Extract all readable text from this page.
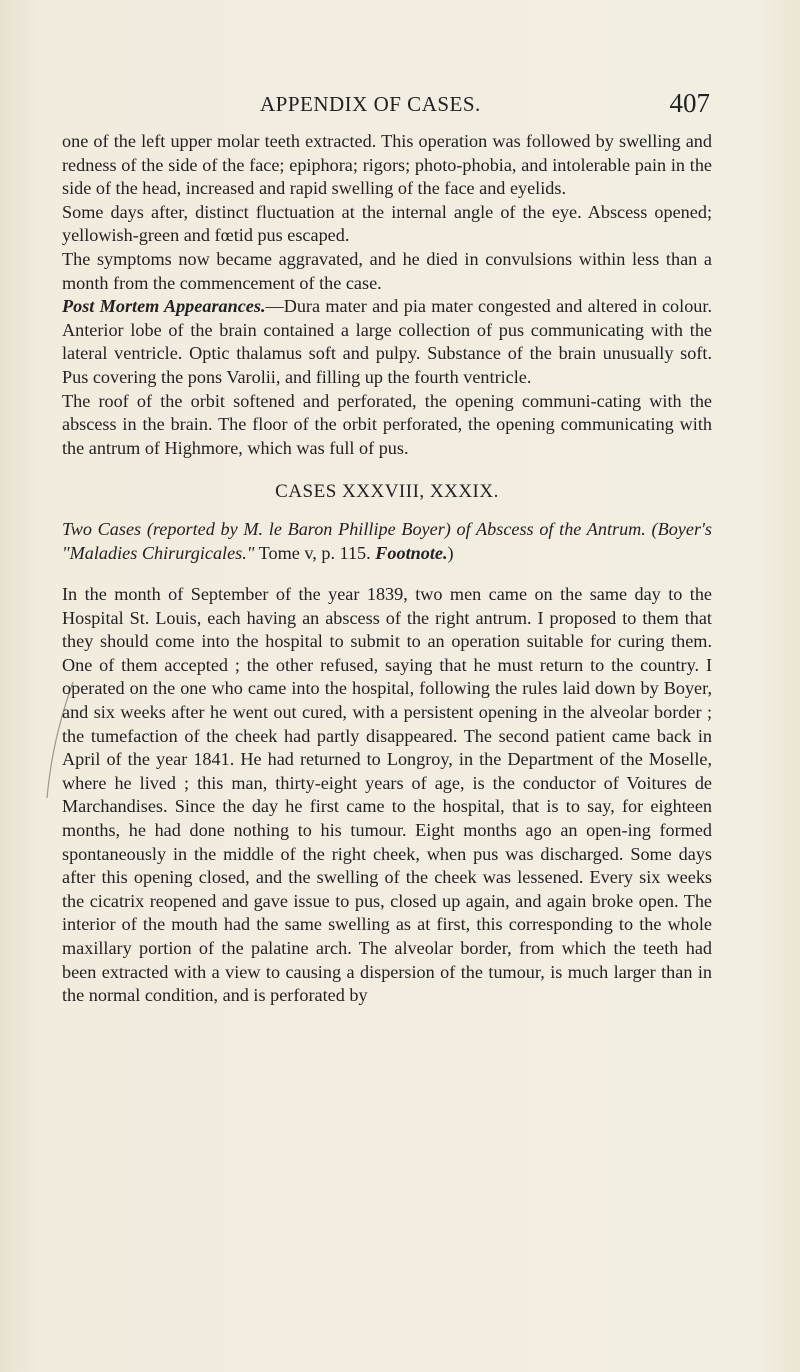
APPENDIX OF CASES.	407

one of the left upper molar teeth extracted. This operation was followed by swelling and redness of the side of the face; epiphora; rigors; photo-phobia, and intolerable pain in the side of the head, increased and rapid swelling of the face and eyelids.

Some days after, distinct fluctuation at the internal angle of the eye. Abscess opened; yellowish-green and fœtid pus escaped.

The symptoms now became aggravated, and he died in convulsions within less than a month from the commencement of the case.

Post Mortem Appearances.—Dura mater and pia mater congested and altered in colour. Anterior lobe of the brain contained a large collection of pus communicating with the lateral ventricle. Optic thalamus soft and pulpy. Substance of the brain unusually soft. Pus covering the pons Varolii, and filling up the fourth ventricle.

The roof of the orbit softened and perforated, the opening communi-cating with the abscess in the brain. The floor of the orbit perforated, the opening communicating with the antrum of Highmore, which was full of pus.

CASES XXXVIII, XXXIX.

Two Cases (reported by M. le Baron Phillipe Boyer) of Abscess of the Antrum. (Boyer's "Maladies Chirurgicales." Tome v, p. 115. Footnote.)

In the month of September of the year 1839, two men came on the same day to the Hospital St. Louis, each having an abscess of the right antrum. I proposed to them that they should come into the hospital to submit to an operation suitable for curing them. One of them accepted ; the other refused, saying that he must return to the country. I operated on the one who came into the hospital, following the rules laid down by Boyer, and six weeks after he went out cured, with a persistent opening in the alveolar border ; the tumefaction of the cheek had partly disappeared. The second patient came back in April of the year 1841. He had returned to Longroy, in the Department of the Moselle, where he lived ; this man, thirty-eight years of age, is the conductor of Voitures de Marchandises. Since the day he first came to the hospital, that is to say, for eighteen months, he had done nothing to his tumour. Eight months ago an open-ing formed spontaneously in the middle of the right cheek, when pus was discharged. Some days after this opening closed, and the swelling of the cheek was lessened. Every six weeks the cicatrix reopened and gave issue to pus, closed up again, and again broke open. The interior of the mouth had the same swelling as at first, this corresponding to the whole maxillary portion of the palatine arch. The alveolar border, from which the teeth had been extracted with a view to causing a dispersion of the tumour, is much larger than in the normal condition, and is perforated by
